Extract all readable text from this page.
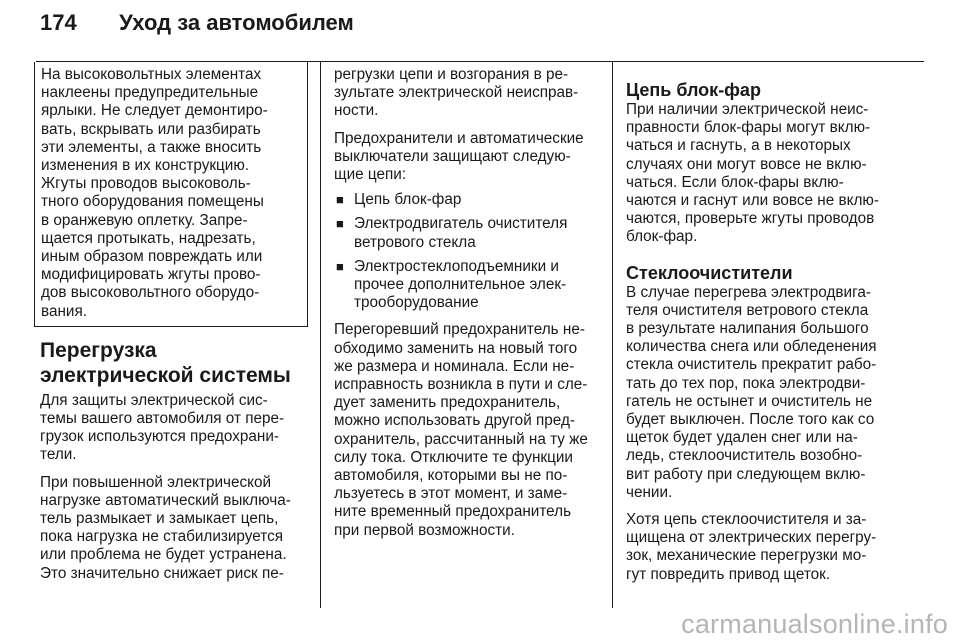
174 Уход за автомобилем
На высоковольтных элементах
наклеены предупредительные
ярлыки. Не следует демонтиро-
вать, вскрывать или разбирать
эти элементы, а также вносить
изменения в их конструкцию.
Жгуты проводов высоковоль-
тного оборудования помещены
в оранжевую оплетку. Запре-
щается протыкать, надрезать,
иным образом повреждать или
модифицировать жгуты прово-
дов высоковольтного оборудо-
вания.
Перегрузка
электрической системы
Для защиты электрической сис-
темы вашего автомобиля от пере-
грузок используются предохрани-
тели.
При повышенной электрической
нагрузке автоматический выключа-
тель размыкает и замыкает цепь,
пока нагрузка не стабилизируется
или проблема не будет устранена.
Это значительно снижает риск пе-
регрузки цепи и возгорания в ре-
зультате электрической неисправ-
ности.
Предохранители и автоматические
выключатели защищают следую-
щие цепи:
■ Цепь блок-фар
■ Электродвигатель очистителя
ветрового стекла
■ Электростеклоподъемники и
прочее дополнительное элек-
трооборудование
Перегоревший предохранитель не-
обходимо заменить на новый того
же размера и номинала. Если не-
исправность возникла в пути и сле-
дует заменить предохранитель,
можно использовать другой пред-
охранитель, рассчитанный на ту же
силу тока. Отключите те функции
автомобиля, которыми вы не по-
льзуетесь в этот момент, и заме-
ните временный предохранитель
при первой возможности.
Цепь блок-фар
При наличии электрической неис-
правности блок-фары могут вклю-
чаться и гаснуть, а в некоторых
случаях они могут вовсе не вклю-
чаться. Если блок-фары вклю-
чаются и гаснут или вовсе не вклю-
чаются, проверьте жгуты проводов
блок-фар.
Стеклоочистители
В случае перегрева электродвига-
теля очистителя ветрового стекла
в результате налипания большого
количества снега или обледенения
стекла очиститель прекратит рабо-
тать до тех пор, пока электродви-
гатель не остынет и очиститель не
будет выключен. После того как со
щеток будет удален снег или на-
ледь, стеклоочиститель возобно-
вит работу при следующем вклю-
чении.
Хотя цепь стеклоочистителя и за-
щищена от электрических перегру-
зок, механические перегрузки мо-
гут повредить привод щеток.
carmanualsonline.info
